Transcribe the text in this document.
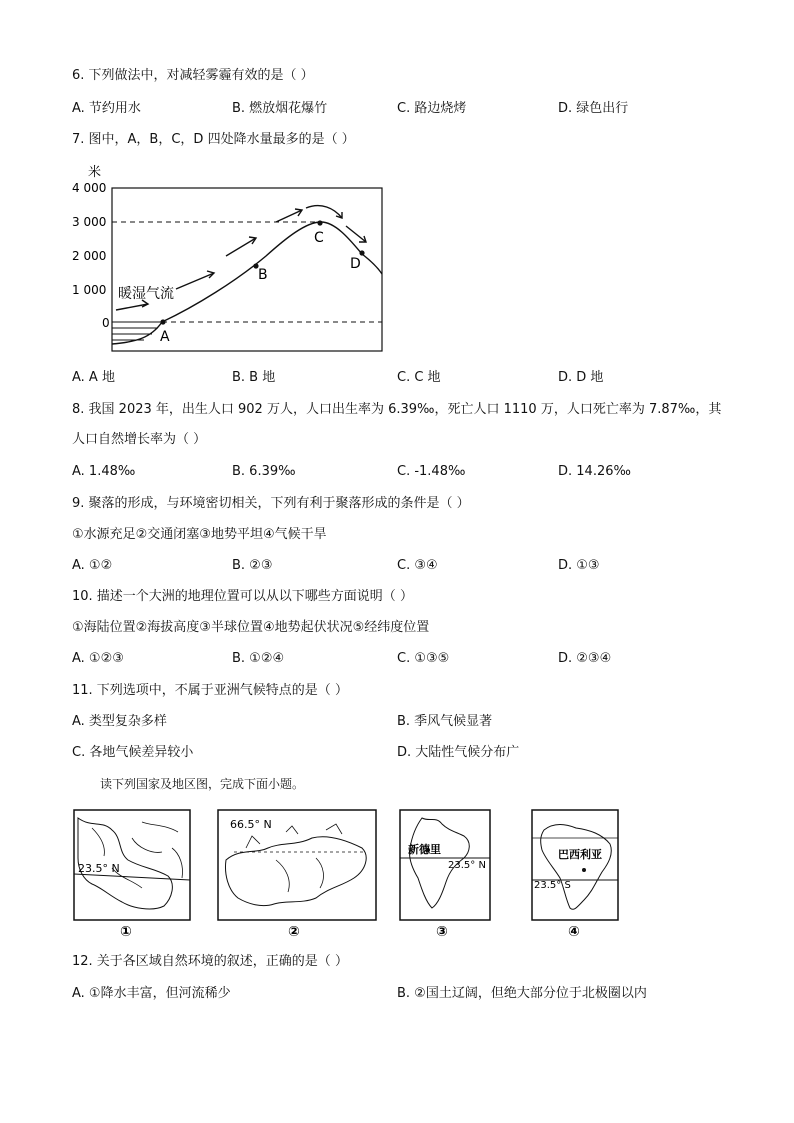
6. 下列做法中，对减轻雾霾有效的是（ ）
A. 节约用水	B. 燃放烟花爆竹	C. 路边烧烤	D. 绿色出行
7. 图中，A，B，C，D 四处降水量最多的是（ ）
米
4 000
3 000
2 000
1 000
0
A
B
C
D
暖湿气流
A. A 地	B. B 地	C. C 地	D. D 地
8. 我国 2023 年，出生人口 902 万人，人口出生率为 6.39‰，死亡人口 1110 万，人口死亡率为 7.87‰，其
人口自然增长率为（ ）
A. 1.48‰	B. 6.39‰	C. -1.48‰	D. 14.26‰
9. 聚落的形成，与环境密切相关，下列有利于聚落形成的条件是（ ）
①水源充足②交通闭塞③地势平坦④气候干旱
A. ①②	B. ②③	C. ③④	D. ①③
10. 描述一个大洲的地理位置可以从以下哪些方面说明（ ）
①海陆位置②海拔高度③半球位置④地势起伏状况⑤经纬度位置
A. ①②③	B. ①②④	C. ①③⑤	D. ②③④
11. 下列选项中，不属于亚洲气候特点的是（ ）
A. 类型复杂多样	B. 季风气候显著
C. 各地气候差异较小	D. 大陆性气候分布广
读下列国家及地区图，完成下面小题。
23.5° N
①
66.5° N
②
新德里
23.5° N
③
巴西利亚
23.5° S
④
12. 关于各区域自然环境的叙述，正确的是（ ）
A. ①降水丰富，但河流稀少	B. ②国土辽阔，但绝大部分位于北极圈以内
